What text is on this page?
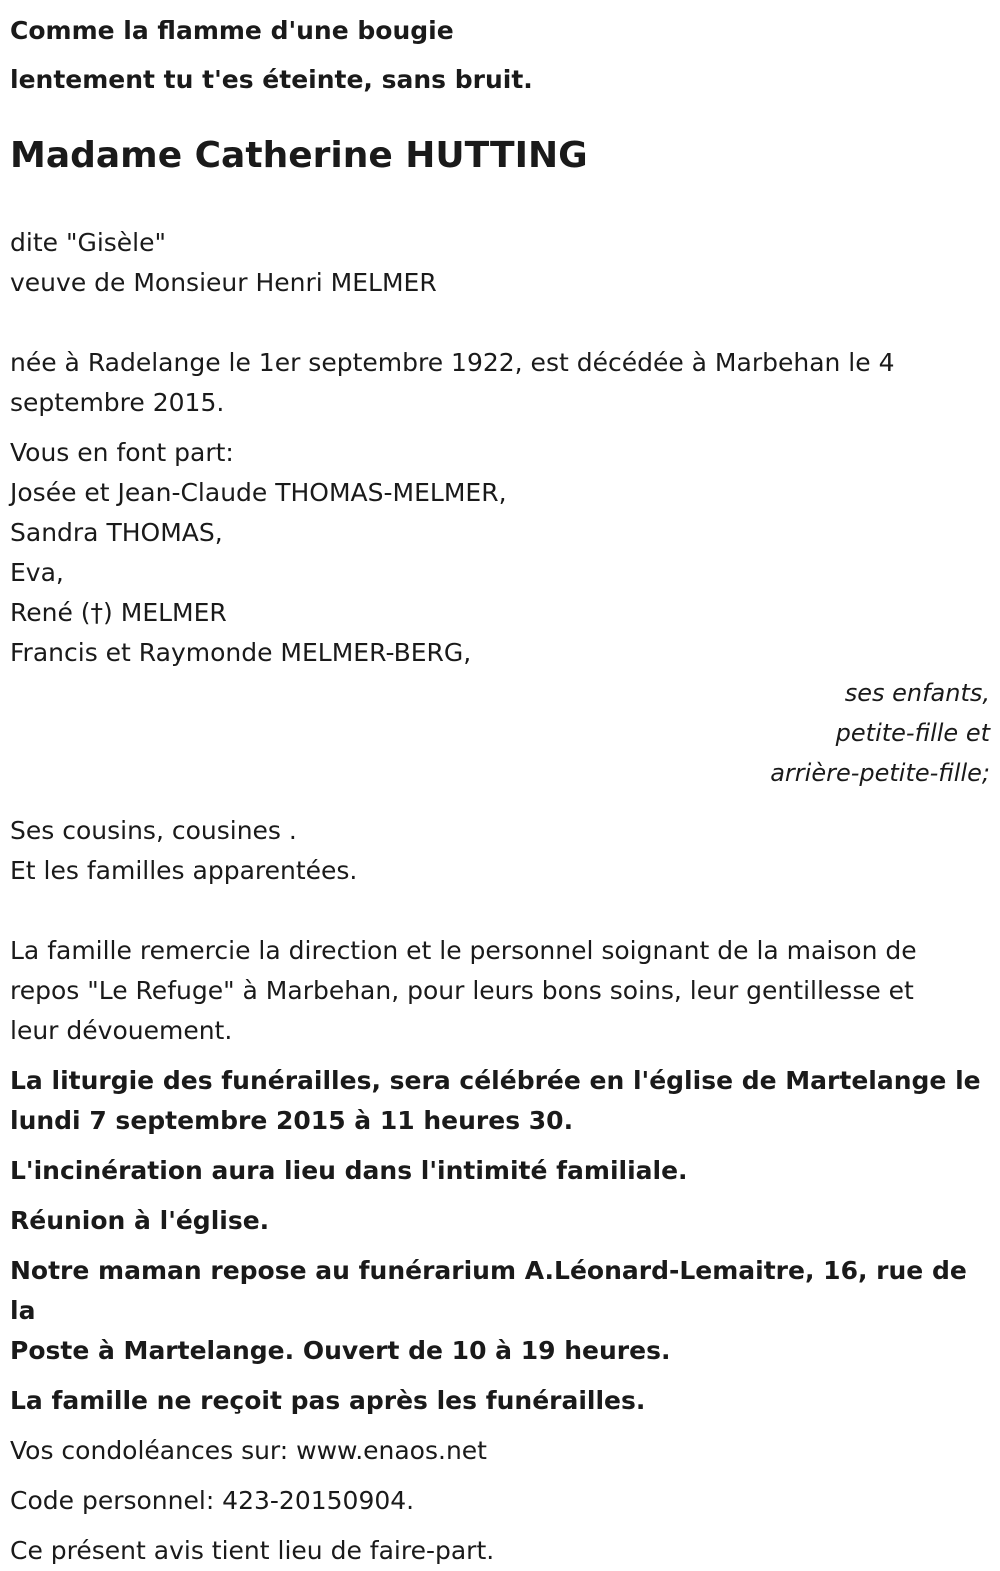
Comme la flamme d'une bougie

lentement tu t'es éteinte, sans bruit.

Madame Catherine HUTTING

dite "Gisèle"

veuve de Monsieur Henri MELMER

née à Radelange le 1er septembre 1922, est décédée à Marbehan le 4

septembre 2015.

Vous en font part:

Josée et Jean-Claude THOMAS-MELMER,

Sandra THOMAS,

Eva,

René (†) MELMER

Francis et Raymonde MELMER-BERG,

ses enfants,

petite-fille et

arrière-petite-fille;

Ses cousins, cousines .

Et les familles apparentées.

La famille remercie la direction et le personnel soignant de la maison de

repos "Le Refuge" à Marbehan, pour leurs bons soins, leur gentillesse et

leur dévouement.

La liturgie des funérailles, sera célébrée en l'église de Martelange le

lundi 7 septembre 2015 à 11 heures 30.

L'incinération aura lieu dans l'intimité familiale.

Réunion à l'église.

Notre maman repose au funérarium A.Léonard-Lemaitre, 16, rue de la

Poste à Martelange. Ouvert de 10 à 19 heures.

La famille ne reçoit pas après les funérailles.

Vos condoléances sur: www.enaos.net

Code personnel: 423-20150904.

Ce présent avis tient lieu de faire-part.
